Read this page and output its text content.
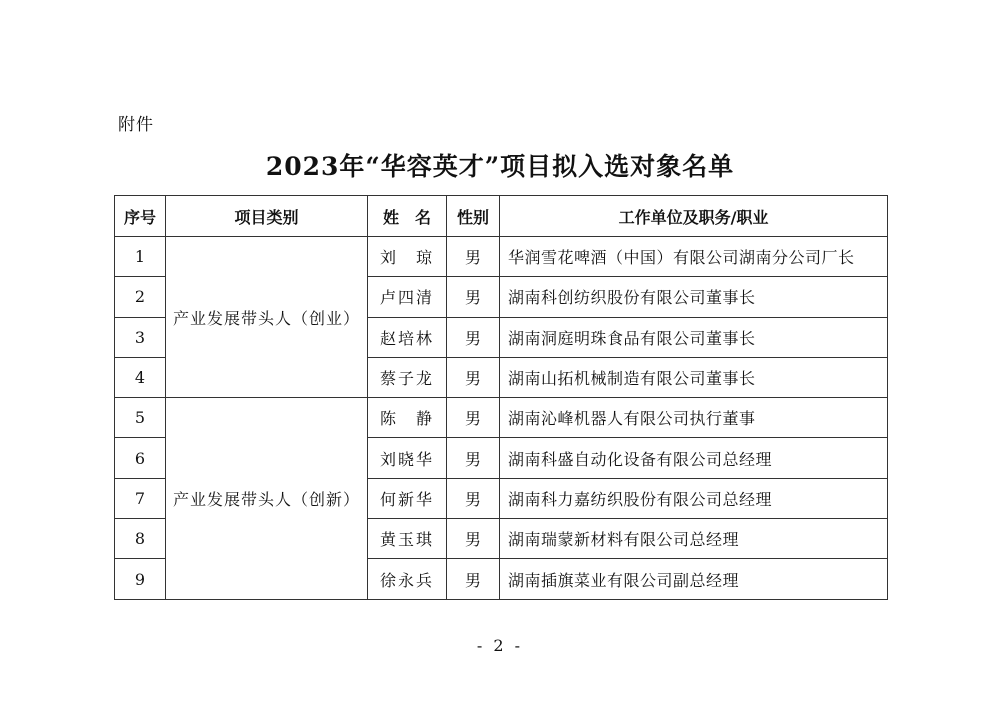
附件
2023年“华容英才”项目拟入选对象名单
序号	项目类别	姓　名	性别	工作单位及职务/职业
1	产业发展带头人（创业）	刘　琼	男	华润雪花啤酒（中国）有限公司湖南分公司厂长
2		卢四清	男	湖南科创纺织股份有限公司董事长
3		赵培林	男	湖南洞庭明珠食品有限公司董事长
4		蔡子龙	男	湖南山拓机械制造有限公司董事长
5	产业发展带头人（创新）	陈　静	男	湖南沁峰机器人有限公司执行董事
6		刘晓华	男	湖南科盛自动化设备有限公司总经理
7		何新华	男	湖南科力嘉纺织股份有限公司总经理
8		黄玉琪	男	湖南瑞蒙新材料有限公司总经理
9		徐永兵	男	湖南插旗菜业有限公司副总经理
- 2 -
